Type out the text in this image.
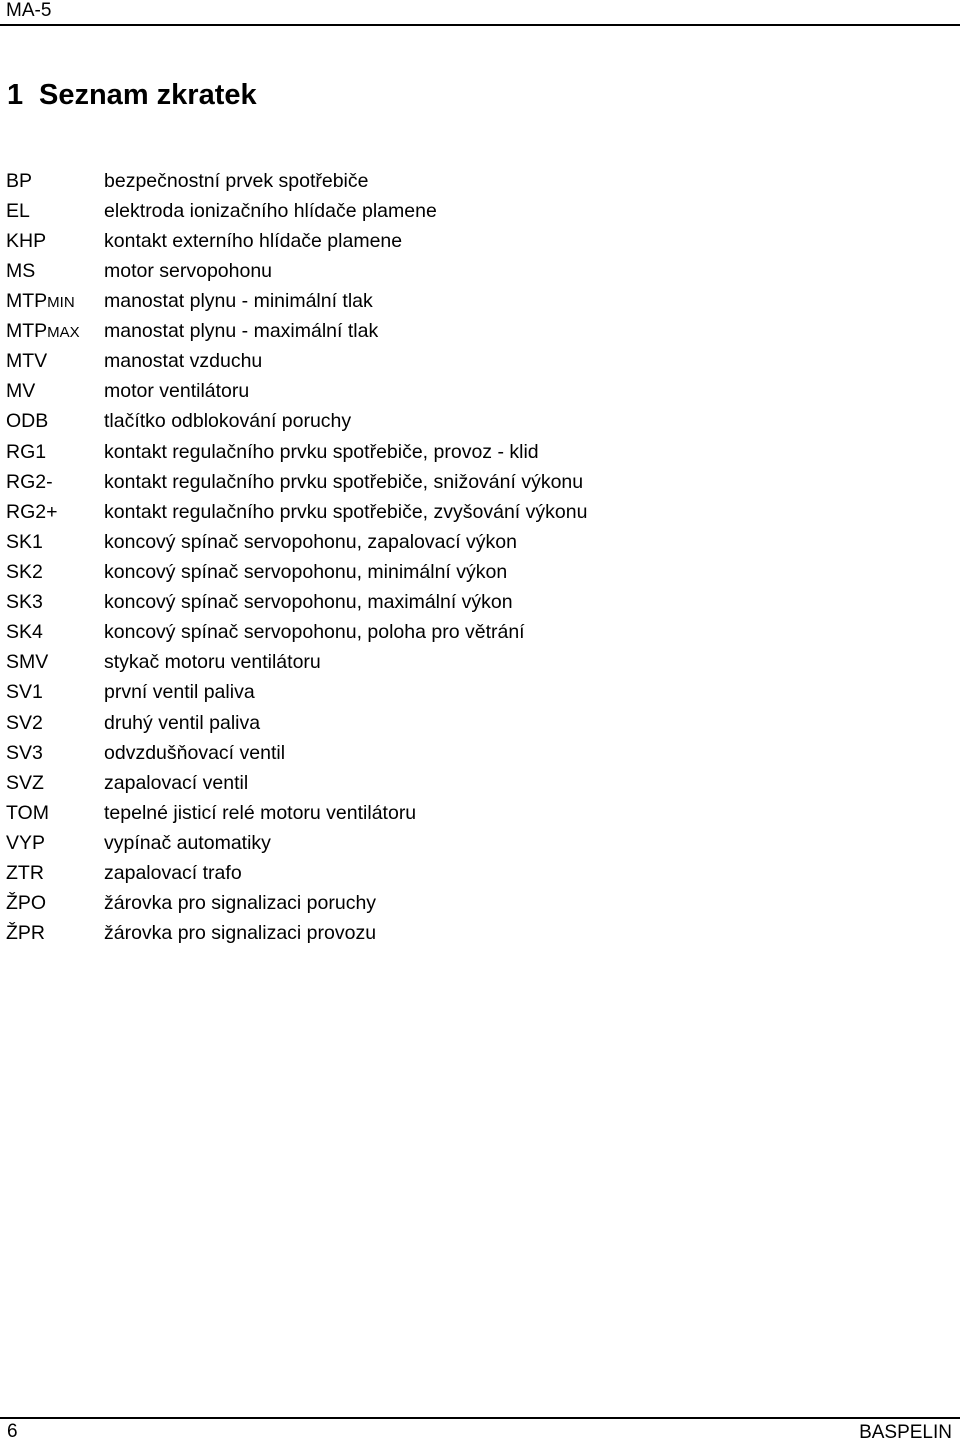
MA-5
1 Seznam zkratek
BP	bezpečnostní prvek spotřebiče
EL	elektroda ionizačního hlídače plamene
KHP	kontakt externího hlídače plamene
MS	motor servopohonu
MTPMIN	manostat plynu - minimální tlak
MTPMAX	manostat plynu - maximální tlak
MTV	manostat vzduchu
MV	motor ventilátoru
ODB	tlačítko odblokování poruchy
RG1	kontakt regulačního prvku spotřebiče, provoz - klid
RG2-	kontakt regulačního prvku spotřebiče, snižování výkonu
RG2+	kontakt regulačního prvku spotřebiče, zvyšování výkonu
SK1	koncový spínač servopohonu, zapalovací výkon
SK2	koncový spínač servopohonu, minimální výkon
SK3	koncový spínač servopohonu, maximální výkon
SK4	koncový spínač servopohonu, poloha pro větrání
SMV	stykač motoru ventilátoru
SV1	první ventil paliva
SV2	druhý ventil paliva
SV3	odvzdušňovací ventil
SVZ	zapalovací ventil
TOM	tepelné jisticí relé motoru ventilátoru
VYP	vypínač automatiky
ZTR	zapalovací trafo
ŽPO	žárovka pro signalizaci poruchy
ŽPR	žárovka pro signalizaci provozu
6	BASPELIN
